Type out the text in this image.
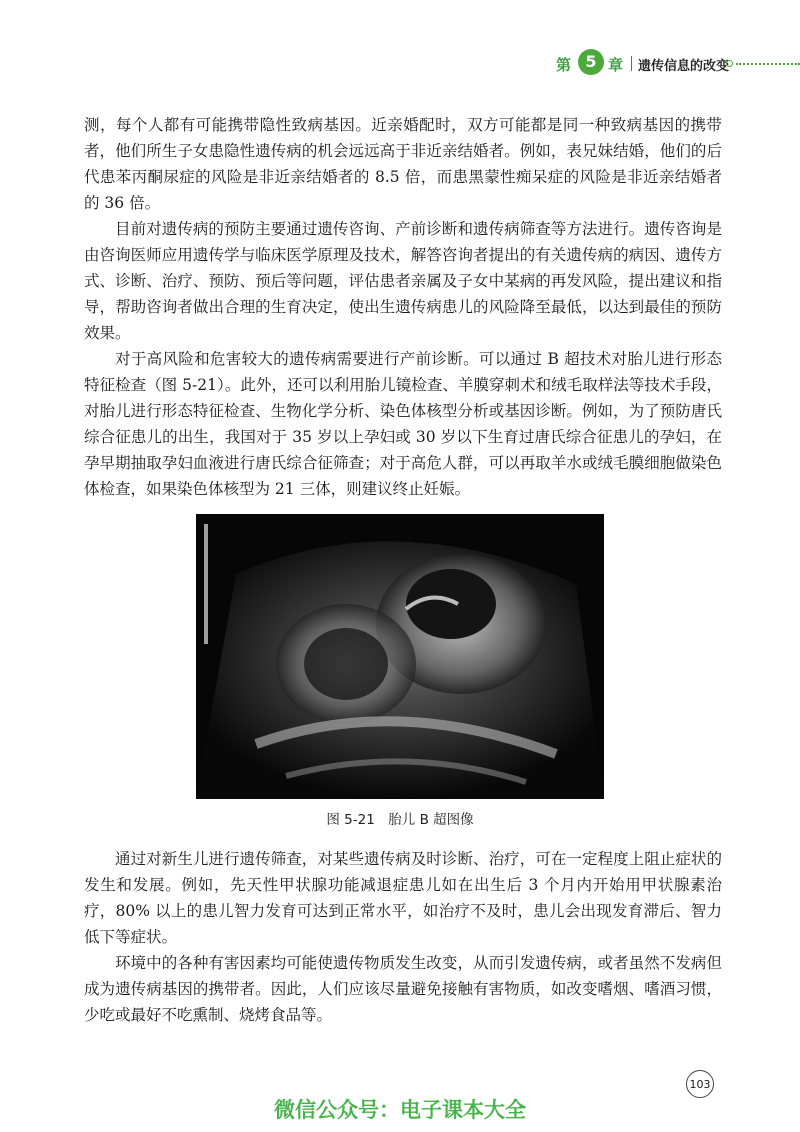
第 5 章 遗传信息的改变

测，每个人都有可能携带隐性致病基因。近亲婚配时，双方可能都是同一种致病基因的携带者，他们所生子女患隐性遗传病的机会远远高于非近亲结婚者。例如，表兄妹结婚，他们的后代患苯丙酮尿症的风险是非近亲结婚者的 8.5 倍，而患黑蒙性痴呆症的风险是非近亲结婚者的 36 倍。

目前对遗传病的预防主要通过遗传咨询、产前诊断和遗传病筛查等方法进行。遗传咨询是由咨询医师应用遗传学与临床医学原理及技术，解答咨询者提出的有关遗传病的病因、遗传方式、诊断、治疗、预防、预后等问题，评估患者亲属及子女中某病的再发风险，提出建议和指导，帮助咨询者做出合理的生育决定，使出生遗传病患儿的风险降至最低，以达到最佳的预防效果。

对于高风险和危害较大的遗传病需要进行产前诊断。可以通过 B 超技术对胎儿进行形态特征检查（图 5-21）。此外，还可以利用胎儿镜检查、羊膜穿刺术和绒毛取样法等技术手段，对胎儿进行形态特征检查、生物化学分析、染色体核型分析或基因诊断。例如，为了预防唐氏综合征患儿的出生，我国对于 35 岁以上孕妇或 30 岁以下生育过唐氏综合征患儿的孕妇，在孕早期抽取孕妇血液进行唐氏综合征筛查；对于高危人群，可以再取羊水或绒毛膜细胞做染色体检查，如果染色体核型为 21 三体，则建议终止妊娠。

图 5-21　胎儿 B 超图像

通过对新生儿进行遗传筛查，对某些遗传病及时诊断、治疗，可在一定程度上阻止症状的发生和发展。例如，先天性甲状腺功能减退症患儿如在出生后 3 个月内开始用甲状腺素治疗，80% 以上的患儿智力发育可达到正常水平，如治疗不及时，患儿会出现发育滞后、智力低下等症状。

环境中的各种有害因素均可能使遗传物质发生改变，从而引发遗传病，或者虽然不发病但成为遗传病基因的携带者。因此，人们应该尽量避免接触有害物质，如改变嗜烟、嗜酒习惯，少吃或最好不吃熏制、烧烤食品等。

103
微信公众号：电子课本大全
